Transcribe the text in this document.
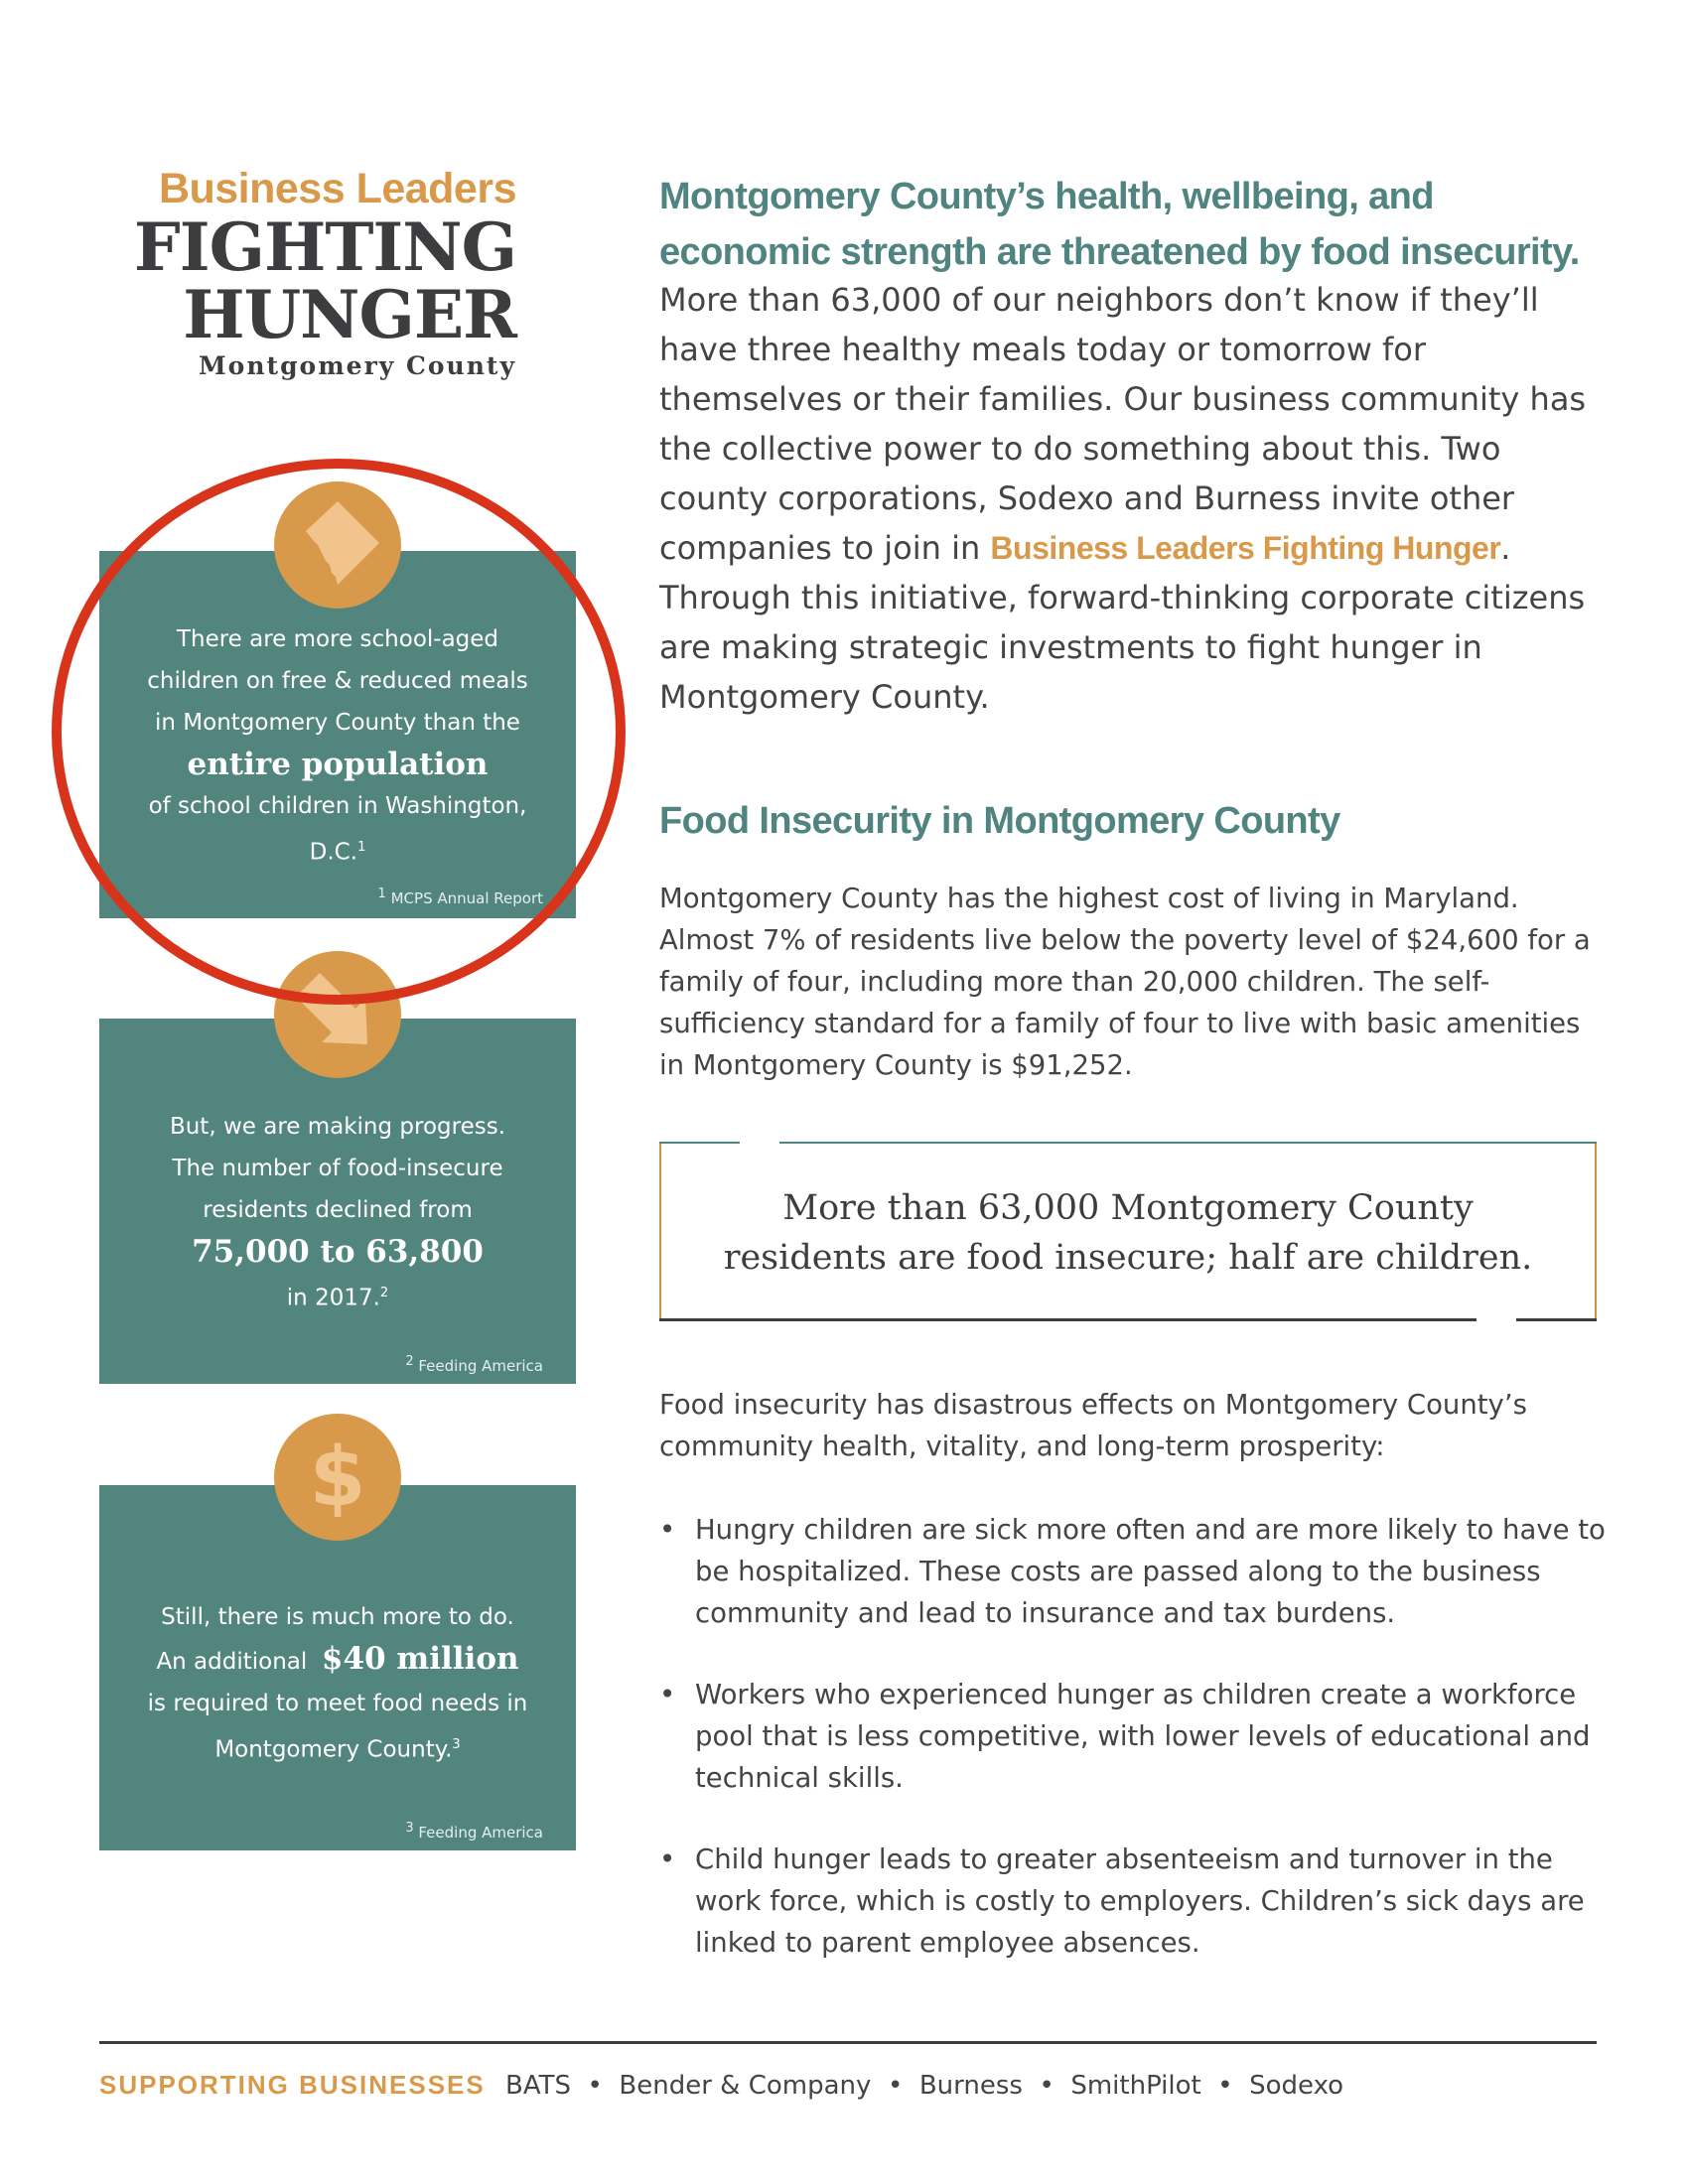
Business Leaders
FIGHTING
HUNGER
Montgomery County
There are more school-aged
children on free & reduced meals
in Montgomery County than the
entire population
of school children in Washington,
D.C.$^1$
$^1$ MCPS Annual Report
But, we are making progress.
The number of food-insecure
residents declined from
75,000 to 63,800
in 2017.$^2$
$^2$ Feeding America
Still, there is much more to do.
An additional $40 million
is required to meet food needs in
Montgomery County.$^3$
$^3$ Feeding America
$
Montgomery County’s health, wellbeing, and
economic strength are threatened by food insecurity.
More than 63,000 of our neighbors don’t know if they’ll have three healthy meals today or tomorrow for themselves or their families. Our business community has the collective power to do something about this. Two county corporations, Sodexo and Burness invite other companies to join in Business Leaders Fighting Hunger. Through this initiative, forward-thinking corporate citizens are making strategic investments to fight hunger in Montgomery County.
Food Insecurity in Montgomery County
Montgomery County has the highest cost of living in Maryland. Almost 7% of residents live below the poverty level of $24,600 for a family of four, including more than 20,000 children. The self-sufficiency standard for a family of four to live with basic amenities in Montgomery County is $91,252.
More than 63,000 Montgomery County
residents are food insecure; half are children.
Food insecurity has disastrous effects on Montgomery County’s community health, vitality, and long-term prosperity:
• Hungry children are sick more often and are more likely to have to be hospitalized. These costs are passed along to the business community and lead to insurance and tax burdens.
• Workers who experienced hunger as children create a workforce pool that is less competitive, with lower levels of educational and technical skills.
• Child hunger leads to greater absenteeism and turnover in the work force, which is costly to employers. Children’s sick days are linked to parent employee absences.
SUPPORTING BUSINESSES BATS • Bender & Company • Burness • SmithPilot • Sodexo
